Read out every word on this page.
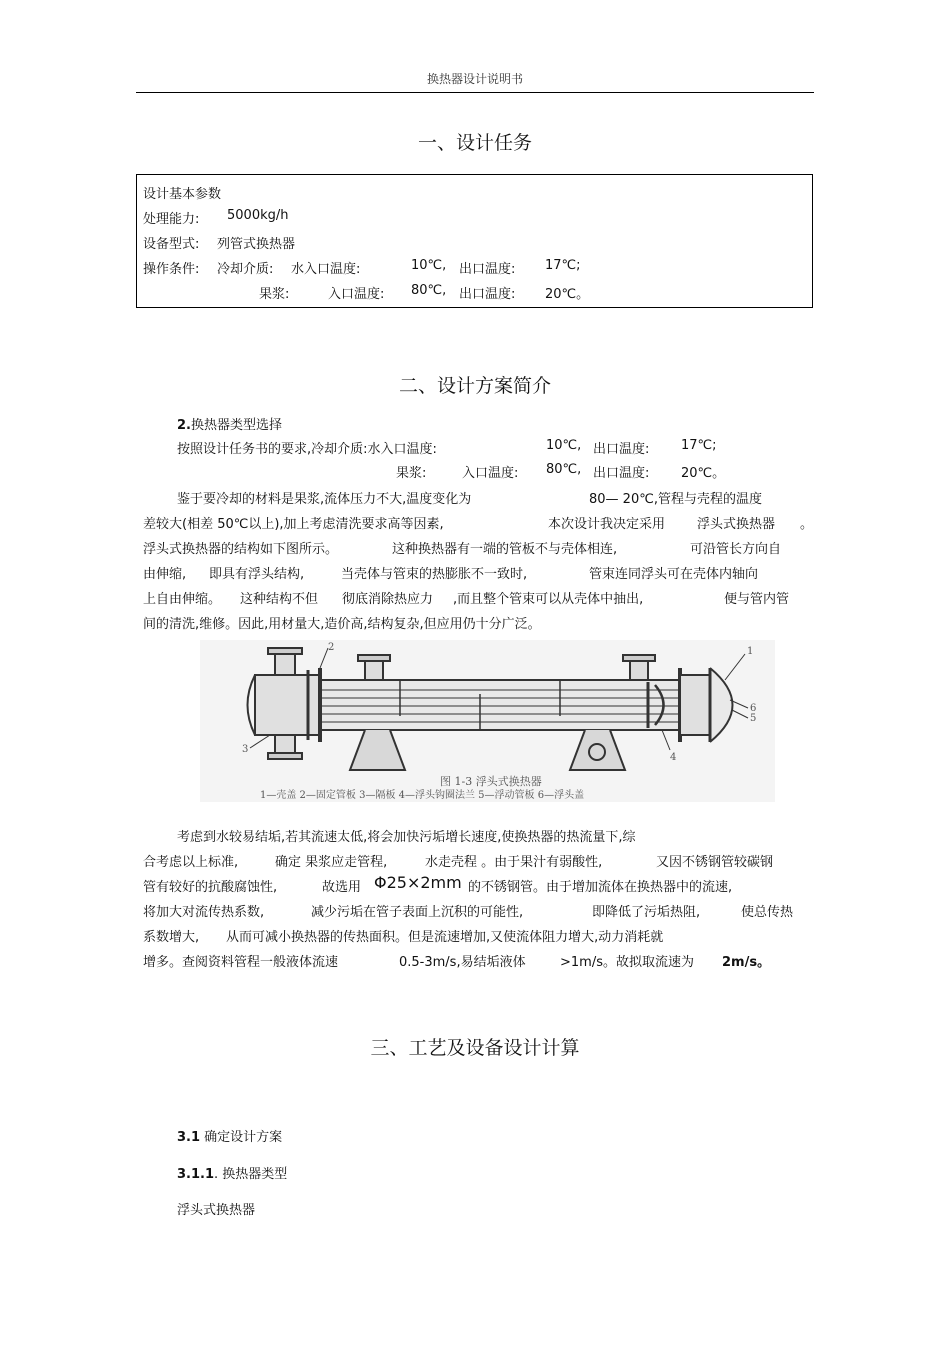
换热器设计说明书
一、设计任务
设计基本参数
处理能力: 5000kg/h
设备型式: 列管式换热器
操作条件: 冷却介质: 水入口温度:	10℃, 出口温度: 17℃;
果浆:	入口温度: 80℃, 出口温度: 20℃。
二、设计方案简介
2.换热器类型选择
按照设计任务书的要求,冷却介质:水入口温度:	10℃, 出口温度: 17℃;
果浆:	入口温度: 80℃, 出口温度: 20℃。
鉴于要冷却的材料是果浆,流体压力不大,温度变化为	80— 20℃,管程与壳程的温度
差较大(相差 50℃以上),加上考虑清洗要求高等因素,	本次设计我决定采用 浮头式换热器 。
浮头式换热器的结构如下图所示。	这种换热器有一端的管板不与壳体相连,	可沿管长方向自
由伸缩, 即具有浮头结构,	当壳体与管束的热膨胀不一致时,	管束连同浮头可在壳体内轴向
上自由伸缩。 这种结构不但 彻底消除热应力 ,而且整个管束可以从壳体中抽出,	便与管内管
间的清洗,维修。因此,用材量大,造价高,结构复杂,但应用仍十分广泛。
1
2
3
4
5
6
图 1-3 浮头式换热器
1—壳盖 2—固定管板 3—隔板 4—浮头钩圈法兰 5—浮动管板 6—浮头盖
考虑到水较易结垢,若其流速太低,将会加快污垢增长速度,使换热器的热流量下,综
合考虑以上标准,	确定 果浆应走管程,	水走壳程 。由于果汁有弱酸性,	又因不锈钢管较碳钢
管有较好的抗酸腐蚀性,	故选用 Φ25×2mm 的不锈钢管。由于增加流体在换热器中的流速,
将加大对流传热系数,	减少污垢在管子表面上沉积的可能性,	即降低了污垢热阻,	使总传热
系数增大, 从而可减小换热器的传热面积。但是流速增加,又使流体阻力增大,动力消耗就
增多。查阅资料管程一般液体流速	0.5-3m/s,易结垢液体	>1m/s。故拟取流速为 2m/s。
三、工艺及设备设计计算
3.1 确定设计方案
3.1.1. 换热器类型
浮头式换热器
